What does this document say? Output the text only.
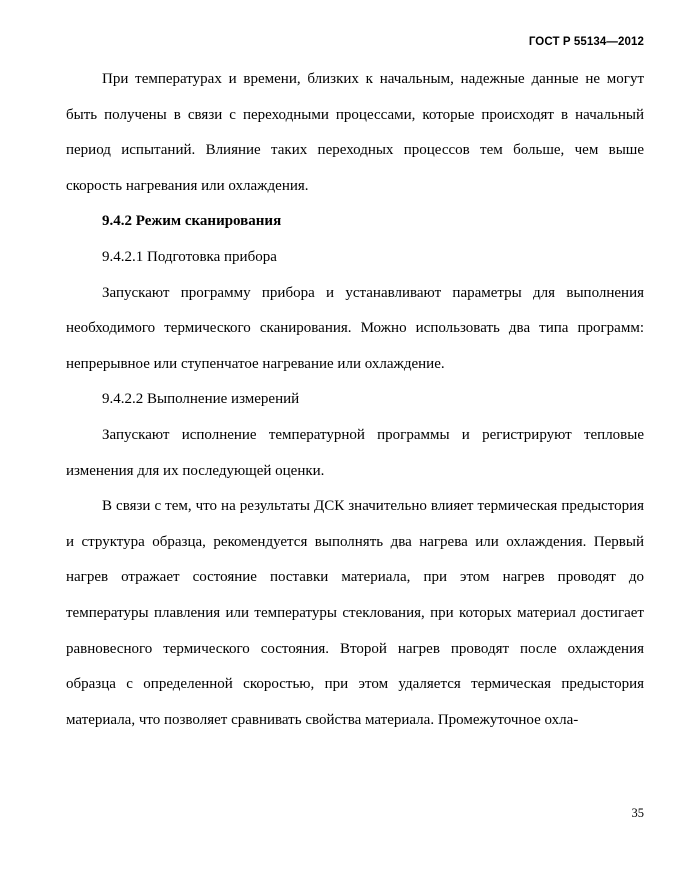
ГОСТ Р 55134—2012

При температурах и времени, близких к начальным, надежные данные не могут быть получены в связи с переходными процессами, которые происходят в начальный период испытаний. Влияние таких переходных процессов тем больше, чем выше скорость нагревания или охлаждения.

9.4.2 Режим сканирования

9.4.2.1 Подготовка прибора

Запускают программу прибора и устанавливают параметры для выполнения необходимого термического сканирования. Можно использовать два типа программ: непрерывное или ступенчатое нагревание или охлаждение.

9.4.2.2 Выполнение измерений

Запускают исполнение температурной программы и регистрируют тепловые изменения для их последующей оценки.

В связи с тем, что на результаты ДСК значительно влияет термическая предыстория и структура образца, рекомендуется выполнять два нагрева или охлаждения. Первый нагрев отражает состояние поставки материала, при этом нагрев проводят до температуры плавления или температуры стеклования, при которых материал достигает равновесного термического состояния. Второй нагрев проводят после охлаждения образца с определенной скоростью, при этом удаляется термическая предыстория материала, что позволяет сравнивать свойства материала. Промежуточное охла-

35
